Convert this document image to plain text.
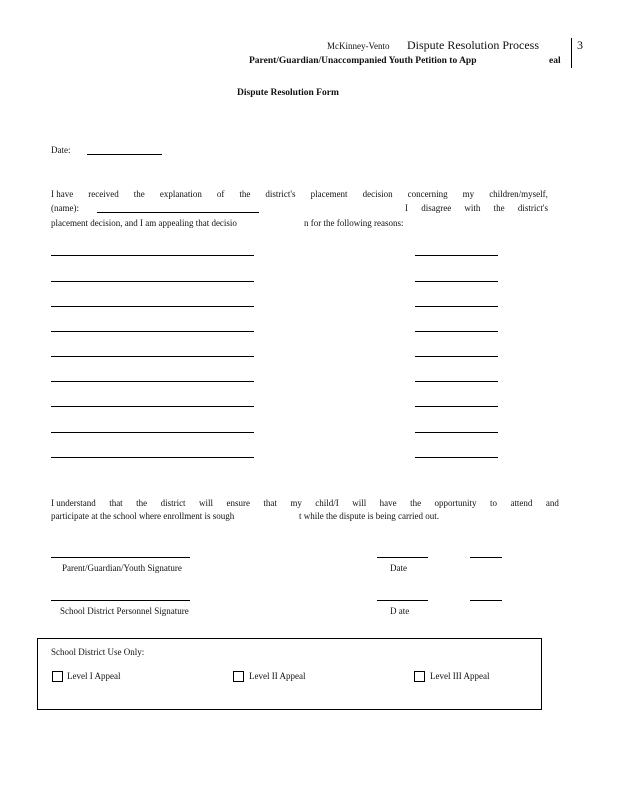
McKinney-Vento Dispute Resolution Process	3
Parent/Guardian/Unaccompanied Youth Petition to App	eal
Dispute Resolution Form
Date:
I have received the explanation of the district's placement decision concerning my children/myself,
(name):	I disagree with the district's
placement decision, and I am appealing that decisio	n for the following reasons:
I understand that the district will ensure that my child/I will have the opportunity to attend and
participate at the school where enrollment is sough	t while the dispute is being carried out.
Parent/Guardian/Youth Signature	Date
School District Personnel Signature	D ate
School District Use Only:
Level I Appeal	Level II Appeal	Level III Appeal
